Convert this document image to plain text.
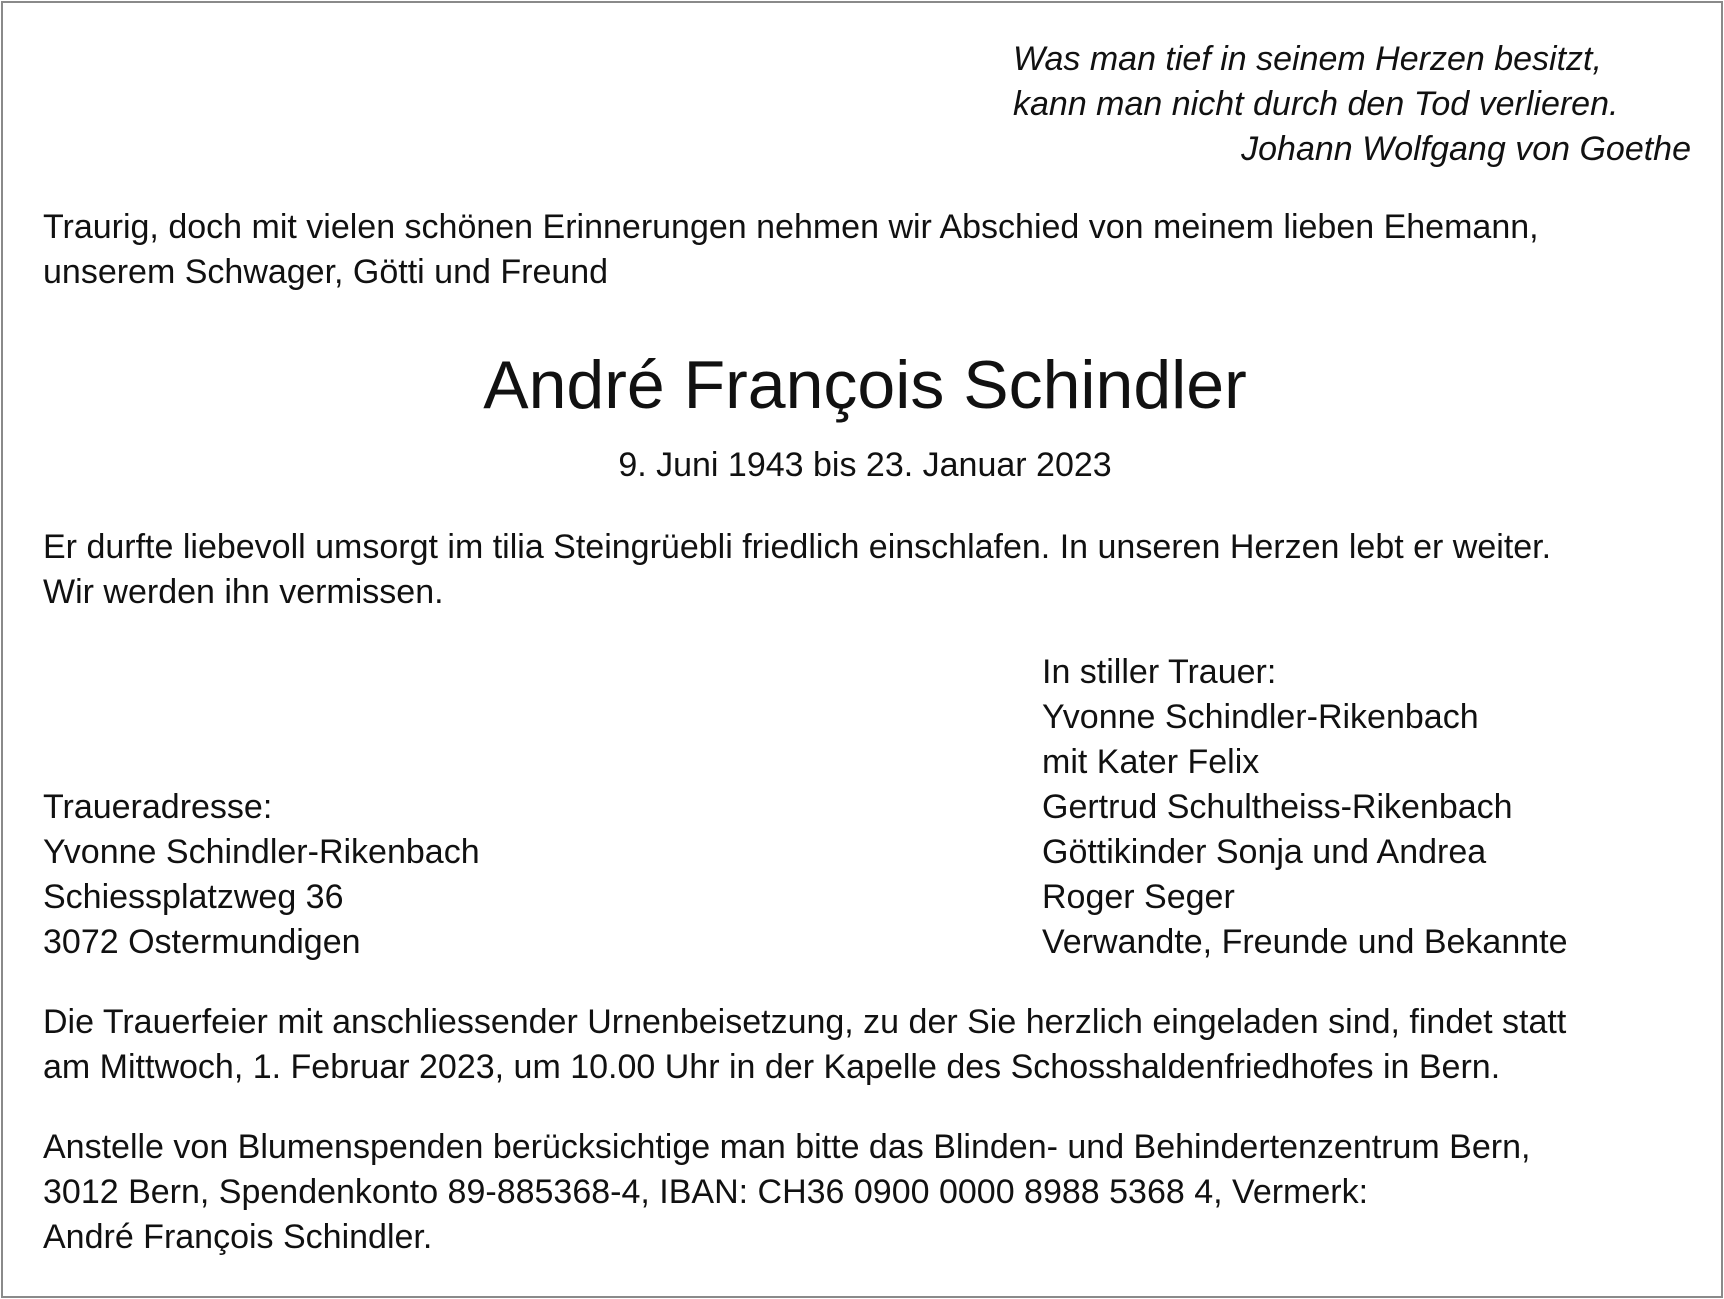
Was man tief in seinem Herzen besitzt,
kann man nicht durch den Tod verlieren.
Johann Wolfgang von Goethe
Traurig, doch mit vielen schönen Erinnerungen nehmen wir Abschied von meinem lieben Ehemann,
unserem Schwager, Götti und Freund
André François Schindler
9. Juni 1943 bis 23. Januar 2023
Er durfte liebevoll umsorgt im tilia Steingrüebli friedlich einschlafen. In unseren Herzen lebt er weiter.
Wir werden ihn vermissen.
In stiller Trauer:
Yvonne Schindler-Rikenbach
mit Kater Felix
Gertrud Schultheiss-Rikenbach
Göttikinder Sonja und Andrea
Roger Seger
Verwandte, Freunde und Bekannte
Traueradresse:
Yvonne Schindler-Rikenbach
Schiessplatzweg 36
3072 Ostermundigen
Die Trauerfeier mit anschliessender Urnenbeisetzung, zu der Sie herzlich eingeladen sind, findet statt
am Mittwoch, 1. Februar 2023, um 10.00 Uhr in der Kapelle des Schosshaldenfriedhofes in Bern.
Anstelle von Blumenspenden berücksichtige man bitte das Blinden- und Behindertenzentrum Bern,
3012 Bern, Spendenkonto 89-885368-4, IBAN: CH36 0900 0000 8988 5368 4, Vermerk:
André François Schindler.
